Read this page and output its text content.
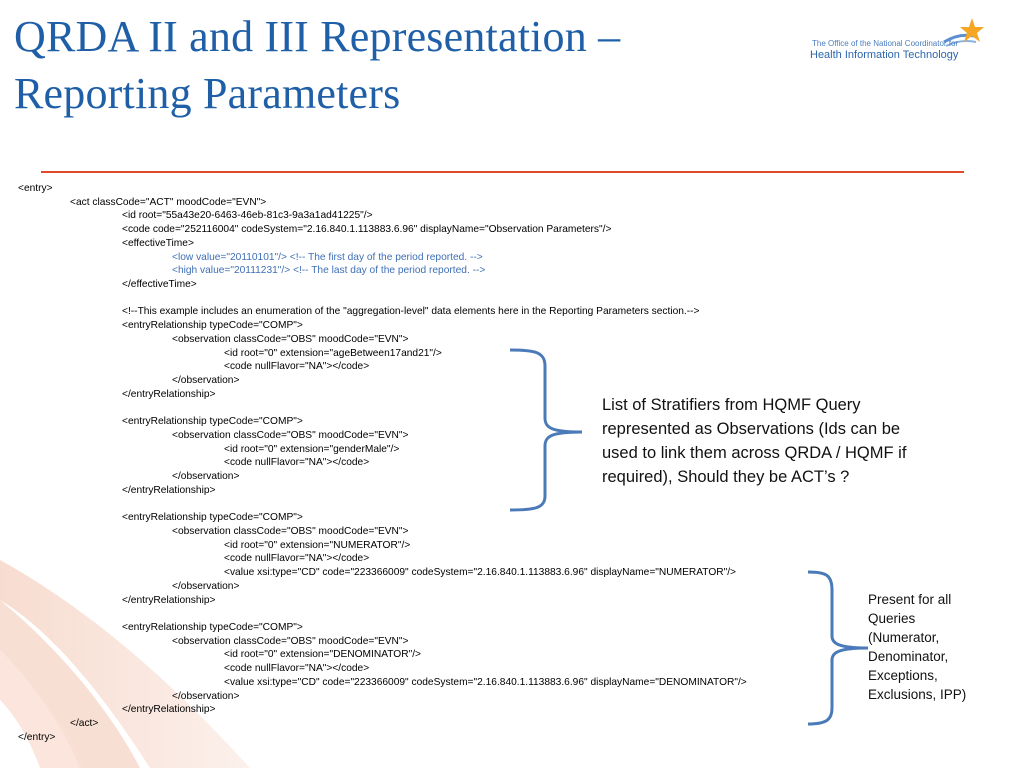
QRDA II and III Representation –
Reporting Parameters
The Office of the National Coordinator for
Health Information Technology
<entry>
<act classCode="ACT" moodCode="EVN">
<id root="55a43e20-6463-46eb-81c3-9a3a1ad41225"/>
<code code="252116004" codeSystem="2.16.840.1.113883.6.96" displayName="Observation Parameters"/>
<effectiveTime>
<low value="20110101"/> <!-- The first day of the period reported. -->
<high value="20111231"/> <!-- The last day of the period reported. -->
</effectiveTime>
<!--This example includes an enumeration of the "aggregation-level" data elements here in the Reporting Parameters section.-->
<entryRelationship typeCode="COMP">
<observation classCode="OBS" moodCode="EVN">
<id root="0" extension="ageBetween17and21"/>
<code nullFlavor="NA"></code>
</observation>
</entryRelationship>
<entryRelationship typeCode="COMP">
<observation classCode="OBS" moodCode="EVN">
<id root="0" extension="genderMale"/>
<code nullFlavor="NA"></code>
</observation>
</entryRelationship>
<entryRelationship typeCode="COMP">
<observation classCode="OBS" moodCode="EVN">
<id root="0" extension="NUMERATOR"/>
<code nullFlavor="NA"></code>
<value xsi:type="CD" code="223366009" codeSystem="2.16.840.1.113883.6.96" displayName="NUMERATOR"/>
</observation>
</entryRelationship>
<entryRelationship typeCode="COMP">
<observation classCode="OBS" moodCode="EVN">
<id root="0" extension="DENOMINATOR"/>
<code nullFlavor="NA"></code>
<value xsi:type="CD" code="223366009" codeSystem="2.16.840.1.113883.6.96" displayName="DENOMINATOR"/>
</observation>
</entryRelationship>
</act>
</entry>
List of Stratifiers from HQMF Query
represented as Observations (Ids can be
used to link them across QRDA / HQMF if
required), Should they be ACT’s ?
Present for all
Queries
(Numerator,
Denominator,
Exceptions,
Exclusions, IPP)
